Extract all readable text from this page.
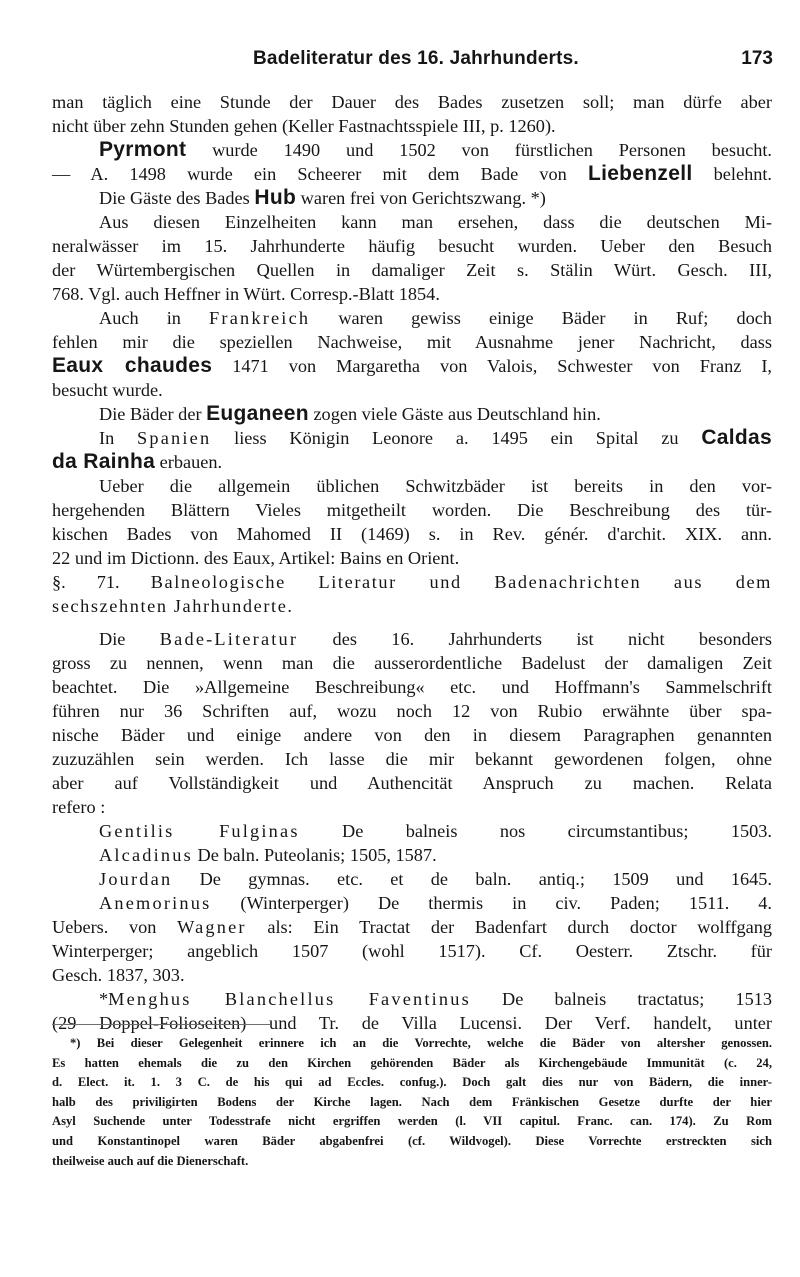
Badeliteratur des 16. Jahrhunderts.	173
man täglich eine Stunde der Dauer des Bades zusetzen soll; man dürfe aber
nicht über zehn Stunden gehen (Keller Fastnachtsspiele III, p. 1260).
Pyrmont wurde 1490 und 1502 von fürstlichen Personen besucht.
— A. 1498 wurde ein Scheerer mit dem Bade von Liebenzell belehnt.
Die Gäste des Bades Hub waren frei von Gerichtszwang. *)
Aus diesen Einzelheiten kann man ersehen, dass die deutschen Mi-
neralwässer im 15. Jahrhunderte häufig besucht wurden. Ueber den Besuch
der Würtembergischen Quellen in damaliger Zeit s. Stälin Würt. Gesch. III,
768. Vgl. auch Heffner in Würt. Corresp.-Blatt 1854.
Auch in Frankreich waren gewiss einige Bäder in Ruf; doch
fehlen mir die speziellen Nachweise, mit Ausnahme jener Nachricht, dass
Eaux chaudes 1471 von Margaretha von Valois, Schwester von Franz I,
besucht wurde.
Die Bäder der Euganeen zogen viele Gäste aus Deutschland hin.
In Spanien liess Königin Leonore a. 1495 ein Spital zu Caldas
da Rainha erbauen.
Ueber die allgemein üblichen Schwitzbäder ist bereits in den vor-
hergehenden Blättern Vieles mitgetheilt worden. Die Beschreibung des tür-
kischen Bades von Mahomed II (1469) s. in Rev. génér. d'archit. XIX. ann.
22 und im Dictionn. des Eaux, Artikel: Bains en Orient.
§. 71. Balneologische Literatur und Badenachrichten aus dem
sechszehnten Jahrhunderte.
Die Bade-Literatur des 16. Jahrhunderts ist nicht besonders
gross zu nennen, wenn man die ausserordentliche Badelust der damaligen Zeit
beachtet. Die »Allgemeine Beschreibung« etc. und Hoffmann's Sammelschrift
führen nur 36 Schriften auf, wozu noch 12 von Rubio erwähnte über spa-
nische Bäder und einige andere von den in diesem Paragraphen genannten
zuzuzählen sein werden. Ich lasse die mir bekannt gewordenen folgen, ohne
aber auf Vollständigkeit und Authencität Anspruch zu machen. Relata
refero :
Gentilis Fulginas De balneis nos circumstantibus; 1503.
Alcadinus De baln. Puteolanis; 1505, 1587.
Jourdan De gymnas. etc. et de baln. antiq.; 1509 und 1645.
Anemorinus (Winterperger) De thermis in civ. Paden; 1511. 4.
Uebers. von Wagner als: Ein Tractat der Badenfart durch doctor wolffgang
Winterperger; angeblich 1507 (wohl 1517). Cf. Oesterr. Ztschr. für
Gesch. 1837, 303.
*Menghus Blanchellus Faventinus De balneis tractatus; 1513
(29 Doppel-Folioseiten) und Tr. de Villa Lucensi. Der Verf. handelt, unter
*) Bei dieser Gelegenheit erinnere ich an die Vorrechte, welche die Bäder von altersher genossen.
Es hatten ehemals die zu den Kirchen gehörenden Bäder als Kirchengebäude Immunität (c. 24,
d. Elect. it. 1. 3 C. de his qui ad Eccles. confug.). Doch galt dies nur von Bädern, die inner-
halb des priviligirten Bodens der Kirche lagen. Nach dem Fränkischen Gesetze durfte der hier
Asyl Suchende unter Todesstrafe nicht ergriffen werden (l. VII capitul. Franc. can. 174). Zu Rom
und Konstantinopel waren Bäder abgabenfrei (cf. Wildvogel). Diese Vorrechte erstreckten sich
theilweise auch auf die Dienerschaft.
